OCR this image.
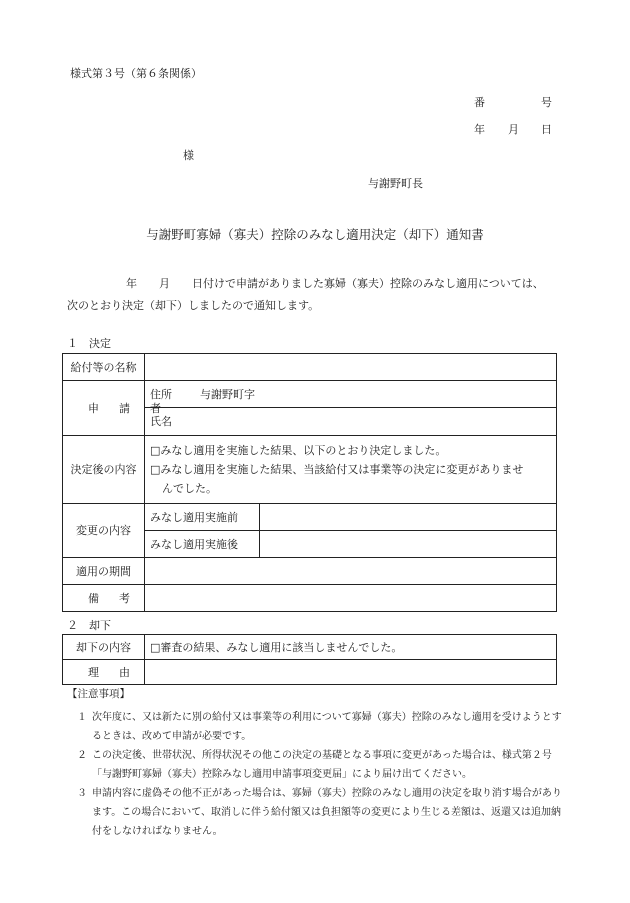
様式第３号（第６条関係）
番	号
年 月 日
様
与謝野町長
与謝野町寡婦（寡夫）控除のみなし適用決定（却下）通知書
年 月 日付けで申請がありました寡婦（寡夫）控除のみなし適用については、
次のとおり決定（却下）しましたので通知します。
１　決定
給付等の名称		
申請者	住所 与謝野町字	
	氏名	
決定後の内容	□みなし適用を実施した結果、以下のとおり決定しました。
□みなし適用を実施した結果、当該給付又は事業等の決定に変更がありませ
んでした。	

変更の内容	みなし適用実施前	
	みなし適用実施後	
適用の期間		
備考		
２　却下
却下の内容	□審査の結果、みなし適用に該当しませんでした。
理由	
【注意事項】
１ 次年度に、又は新たに別の給付又は事業等の利用について寡婦（寡夫）控除のみなし適用を受けようとするときは、改めて申請が必要です。
２ この決定後、世帯状況、所得状況その他この決定の基礎となる事項に変更があった場合は、様式第２号「与謝野町寡婦（寡夫）控除みなし適用申請事項変更届」により届け出てください。
３ 申請内容に虚偽その他不正があった場合は、寡婦（寡夫）控除のみなし適用の決定を取り消す場合があります。この場合において、取消しに伴う給付額又は負担額等の変更により生じる差額は、返還又は追加納付をしなければなりません。
